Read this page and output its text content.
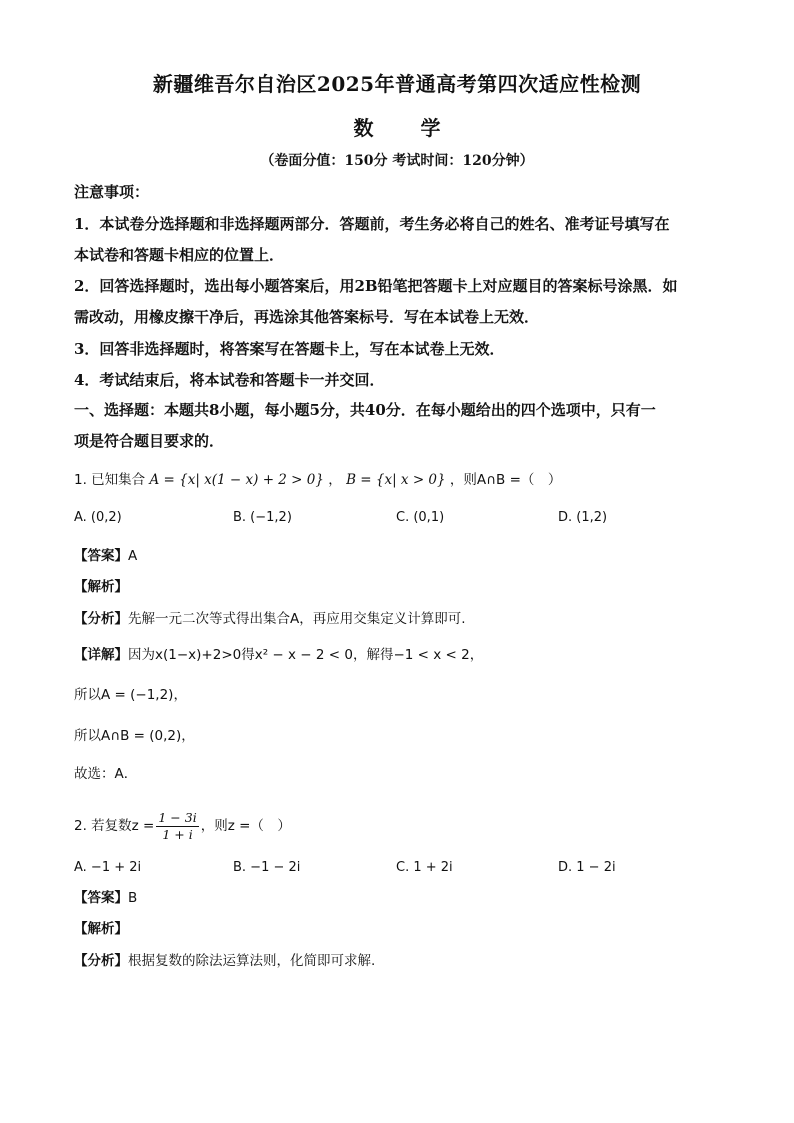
新疆维吾尔自治区2025年普通高考第四次适应性检测
数 学
（卷面分值：150分 考试时间：120分钟）
注意事项：
1．本试卷分选择题和非选择题两部分．答题前，考生务必将自己的姓名、准考证号填写在
本试卷和答题卡相应的位置上．
2．回答选择题时，选出每小题答案后，用2B铅笔把答题卡上对应题目的答案标号涂黑．如
需改动，用橡皮擦干净后，再选涂其他答案标号．写在本试卷上无效．
3．回答非选择题时，将答案写在答题卡上，写在本试卷上无效．
4．考试结束后，将本试卷和答题卡一并交回．
一、选择题：本题共8小题，每小题5分，共40分．在每小题给出的四个选项中，只有一
项是符合题目要求的．
1. 已知集合 A = {x| x(1 − x) + 2 > 0} ， B = {x| x > 0} ，则A∩B =（　）
A. (0,2)	B. (−1,2)	C. (0,1)	D. (1,2)
【答案】A
【解析】
【分析】先解一元二次等式得出集合A，再应用交集定义计算即可.
【详解】因为x(1−x)+2>0得x² − x − 2 < 0，解得−1 < x < 2，
所以A = (−1,2)，
所以A∩B = (0,2)，
故选：A．
2. 若复数$z = \frac{1 - 3i}{1 + i}$ ，则z =（　）
A. −1 + 2i	B. −1 − 2i	C. 1 + 2i	D. 1 − 2i
【答案】B
【解析】
【分析】根据复数的除法运算法则，化简即可求解.
